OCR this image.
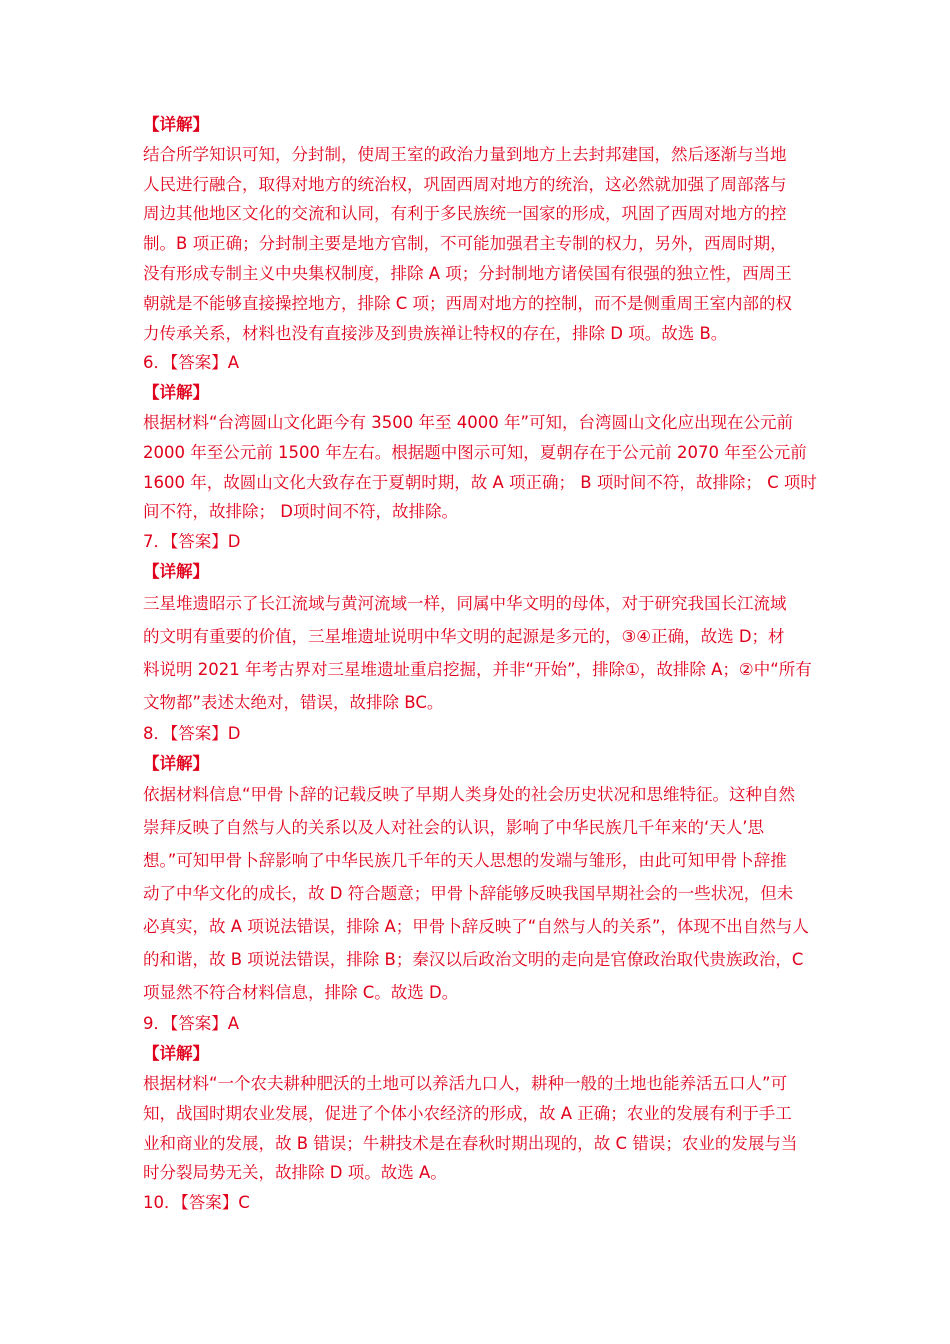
【详解】
结合所学知识可知，分封制，使周王室的政治力量到地方上去封邦建国，然后逐渐与当地
人民进行融合，取得对地方的统治权，巩固西周对地方的统治，这必然就加强了周部落与
周边其他地区文化的交流和认同，有利于多民族统一国家的形成，巩固了西周对地方的控
制。B 项正确；分封制主要是地方官制，不可能加强君主专制的权力，另外，西周时期，
没有形成专制主义中央集权制度，排除 A 项；分封制地方诸侯国有很强的独立性，西周王
朝就是不能够直接操控地方，排除 C 项；西周对地方的控制，而不是侧重周王室内部的权
力传承关系，材料也没有直接涉及到贵族禅让特权的存在，排除 D 项。故选 B。
6．【答案】A
【详解】
根据材料“台湾圆山文化距今有 3500 年至 4000 年”可知，台湾圆山文化应出现在公元前
2000 年至公元前 1500 年左右。根据题中图示可知，夏朝存在于公元前 2070 年至公元前
1600 年，故圆山文化大致存在于夏朝时期，故 A 项正确； B 项时间不符，故排除； C 项时
间不符，故排除； D项时间不符，故排除。
7．【答案】D
【详解】
三星堆遗昭示了长江流域与黄河流域一样，同属中华文明的母体，对于研究我国长江流域
的文明有重要的价值，三星堆遗址说明中华文明的起源是多元的，③④正确，故选 D；材
料说明 2021 年考古界对三星堆遗址重启挖掘，并非“开始”，排除①，故排除 A；②中“所有
文物都”表述太绝对，错误，故排除 BC。
8．【答案】D
【详解】
依据材料信息“甲骨卜辞的记载反映了早期人类身处的社会历史状况和思维特征。这种自然
崇拜反映了自然与人的关系以及人对社会的认识，影响了中华民族几千年来的‘天人’思
想。”可知甲骨卜辞影响了中华民族几千年的天人思想的发端与雏形，由此可知甲骨卜辞推
动了中华文化的成长，故 D 符合题意；甲骨卜辞能够反映我国早期社会的一些状况，但未
必真实，故 A 项说法错误，排除 A；甲骨卜辞反映了“自然与人的关系”，体现不出自然与人
的和谐，故 B 项说法错误，排除 B；秦汉以后政治文明的走向是官僚政治取代贵族政治，C
项显然不符合材料信息，排除 C。故选 D。
9．【答案】A
【详解】
根据材料“一个农夫耕种肥沃的土地可以养活九口人，耕种一般的土地也能养活五口人”可
知，战国时期农业发展，促进了个体小农经济的形成，故 A 正确；农业的发展有利于手工
业和商业的发展，故 B 错误；牛耕技术是在春秋时期出现的，故 C 错误；农业的发展与当
时分裂局势无关，故排除 D 项。故选 A。
10．【答案】C
